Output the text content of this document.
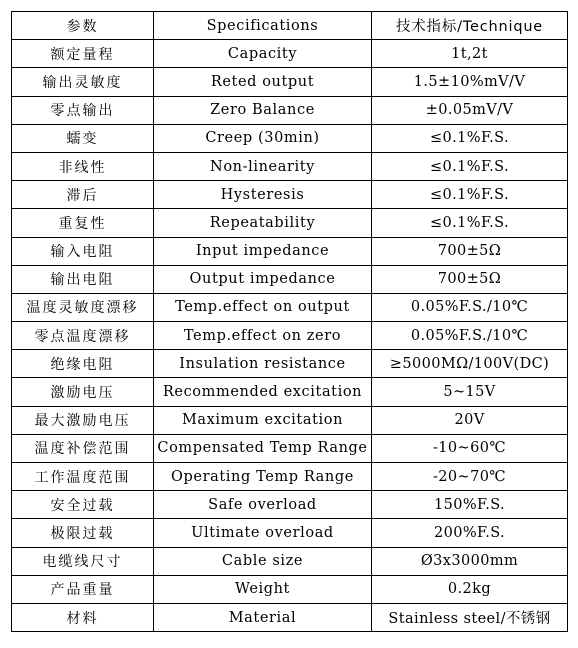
参数	Specifications	技术指标/Technique
额定量程	Capacity	1t,2t
输出灵敏度	Reted output	1.5±10%mV/V
零点输出	Zero Balance	±0.05mV/V
蠕变	Creep (30min)	≤0.1%F.S.
非线性	Non-linearity	≤0.1%F.S.
滞后	Hysteresis	≤0.1%F.S.
重复性	Repeatability	≤0.1%F.S.
输入电阻	Input impedance	700±5Ω
输出电阻	Output impedance	700±5Ω
温度灵敏度漂移	Temp.effect on output	0.05%F.S./10℃
零点温度漂移	Temp.effect on zero	0.05%F.S./10℃
绝缘电阻	Insulation resistance	≥5000MΩ/100V(DC)
激励电压	Recommended excitation	5~15V
最大激励电压	Maximum excitation	20V
温度补偿范围	Compensated Temp Range	-10~60℃
工作温度范围	Operating Temp Range	-20~70℃
安全过载	Safe overload	150%F.S.
极限过载	Ultimate overload	200%F.S.
电缆线尺寸	Cable size	Ø3x3000mm
产品重量	Weight	0.2kg
材料	Material	Stainless steel/不锈钢
